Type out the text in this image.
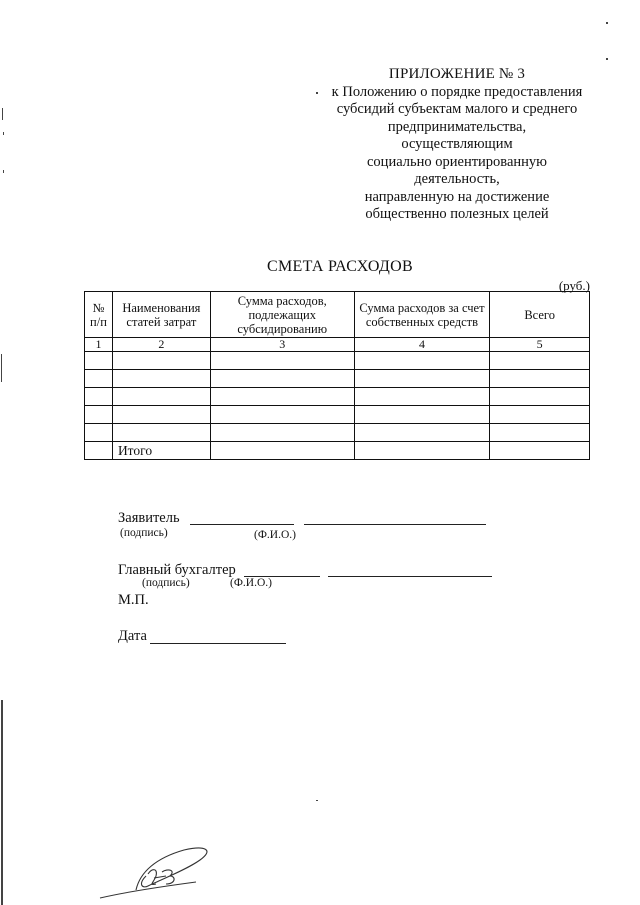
ПРИЛОЖЕНИЕ № 3
к Положению о порядке предоставления
субсидий субъектам малого и среднего
предпринимательства,
осуществляющим
социально ориентированную
деятельность,
направленную на достижение
общественно полезных целей
СМЕТА РАСХОДОВ
(руб.)
№ п/п	Наименования статей затрат	Сумма расходов, подлежащих субсидированию	Сумма расходов за счет собственных средств	Всего
1	2	3	4	5

	Итого			
Заявитель
(подпись)	(Ф.И.О.)
Главный бухгалтер
(подпись)	(Ф.И.О.)
М.П.
Дата
